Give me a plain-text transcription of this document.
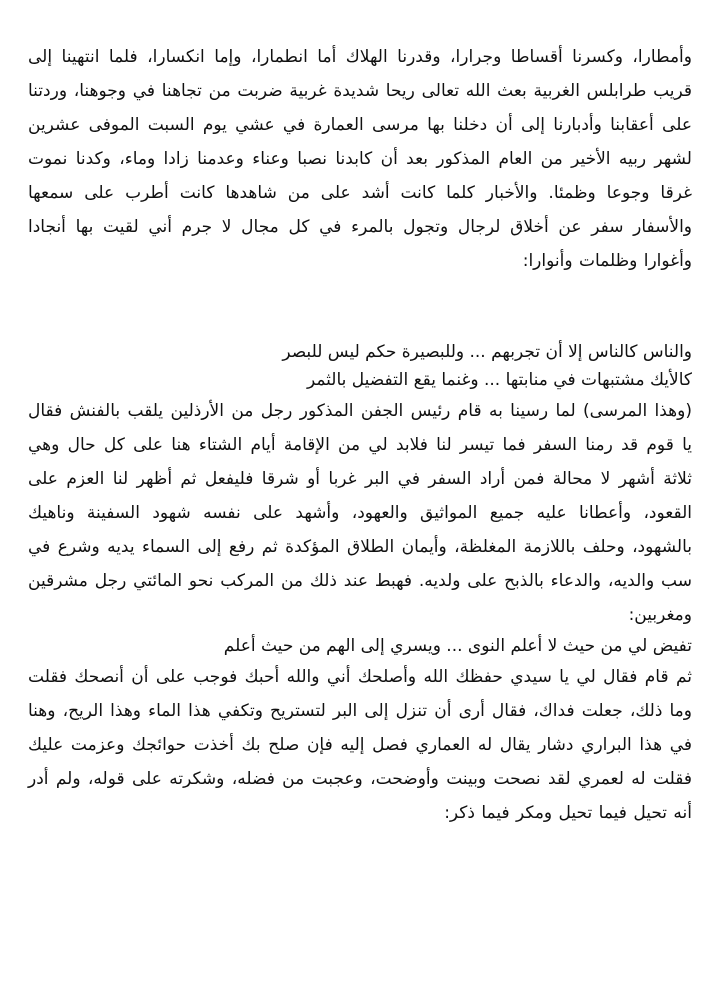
وأمطارا، وكسرنا أقساطا وجرارا، وقدرنا الهلاك أما انطمارا، وإما انكسارا، فلما انتهينا إلى قريب طرابلس الغربية بعث الله تعالى ريحا شديدة غربية ضربت من تجاهنا في وجوهنا، وردتنا على أعقابنا وأدبارنا إلى أن دخلنا بها مرسى العمارة في عشي يوم السبت الموفى عشرين لشهر ربيه الأخير من العام المذكور بعد أن كابدنا نصبا وعناء وعدمنا زادا وماء، وكدنا نموت غرقا وجوعا وظمئا. والأخبار كلما كانت أشد على من شاهدها كانت أطرب على سمعها والأسفار سفر عن أخلاق لرجال وتجول بالمرء في كل مجال لا جرم أني لقيت بها أنجادا وأغوارا وظلمات وأنوارا:

والناس كالناس إلا أن تجربهم ... وللبصيرة حكم ليس للبصر

كالأيك مشتبهات في منابتها ... وغنما يقع التفضيل بالثمر

(وهذا المرسى) لما رسينا به قام رئيس الجفن المذكور رجل من الأرذلين يلقب بالفنش فقال يا قوم قد رمنا السفر فما تيسر لنا فلابد لي من الإقامة أيام الشتاء هنا على كل حال وهي ثلاثة أشهر لا محالة فمن أراد السفر في البر غربا أو شرقا فليفعل ثم أظهر لنا العزم على القعود، وأعطانا عليه جميع المواثيق والعهود، وأشهد على نفسه شهود السفينة وناهيك بالشهود، وحلف باللازمة المغلظة، وأيمان الطلاق المؤكدة ثم رفع إلى السماء يديه وشرع في سب والديه، والدعاء بالذبح على ولديه. فهبط عند ذلك من المركب نحو المائتي رجل مشرقين ومغربين:

تفيض لي من حيث لا أعلم النوى ... ويسري إلى الهم من حيث أعلم

ثم قام فقال لي يا سيدي حفظك الله وأصلحك أني والله أحبك فوجب على أن أنصحك فقلت وما ذلك، جعلت فداك، فقال أرى أن تنزل إلى البر لتستريح وتكفي هذا الماء وهذا الريح، وهنا في هذا البراري دشار يقال له العماري فصل إليه فإن صلح بك أخذت حوائجك وعزمت عليك فقلت له لعمري لقد نصحت وبينت وأوضحت، وعجبت من فضله، وشكرته على قوله، ولم أدر أنه تحيل فيما تحيل ومكر فيما ذكر:
